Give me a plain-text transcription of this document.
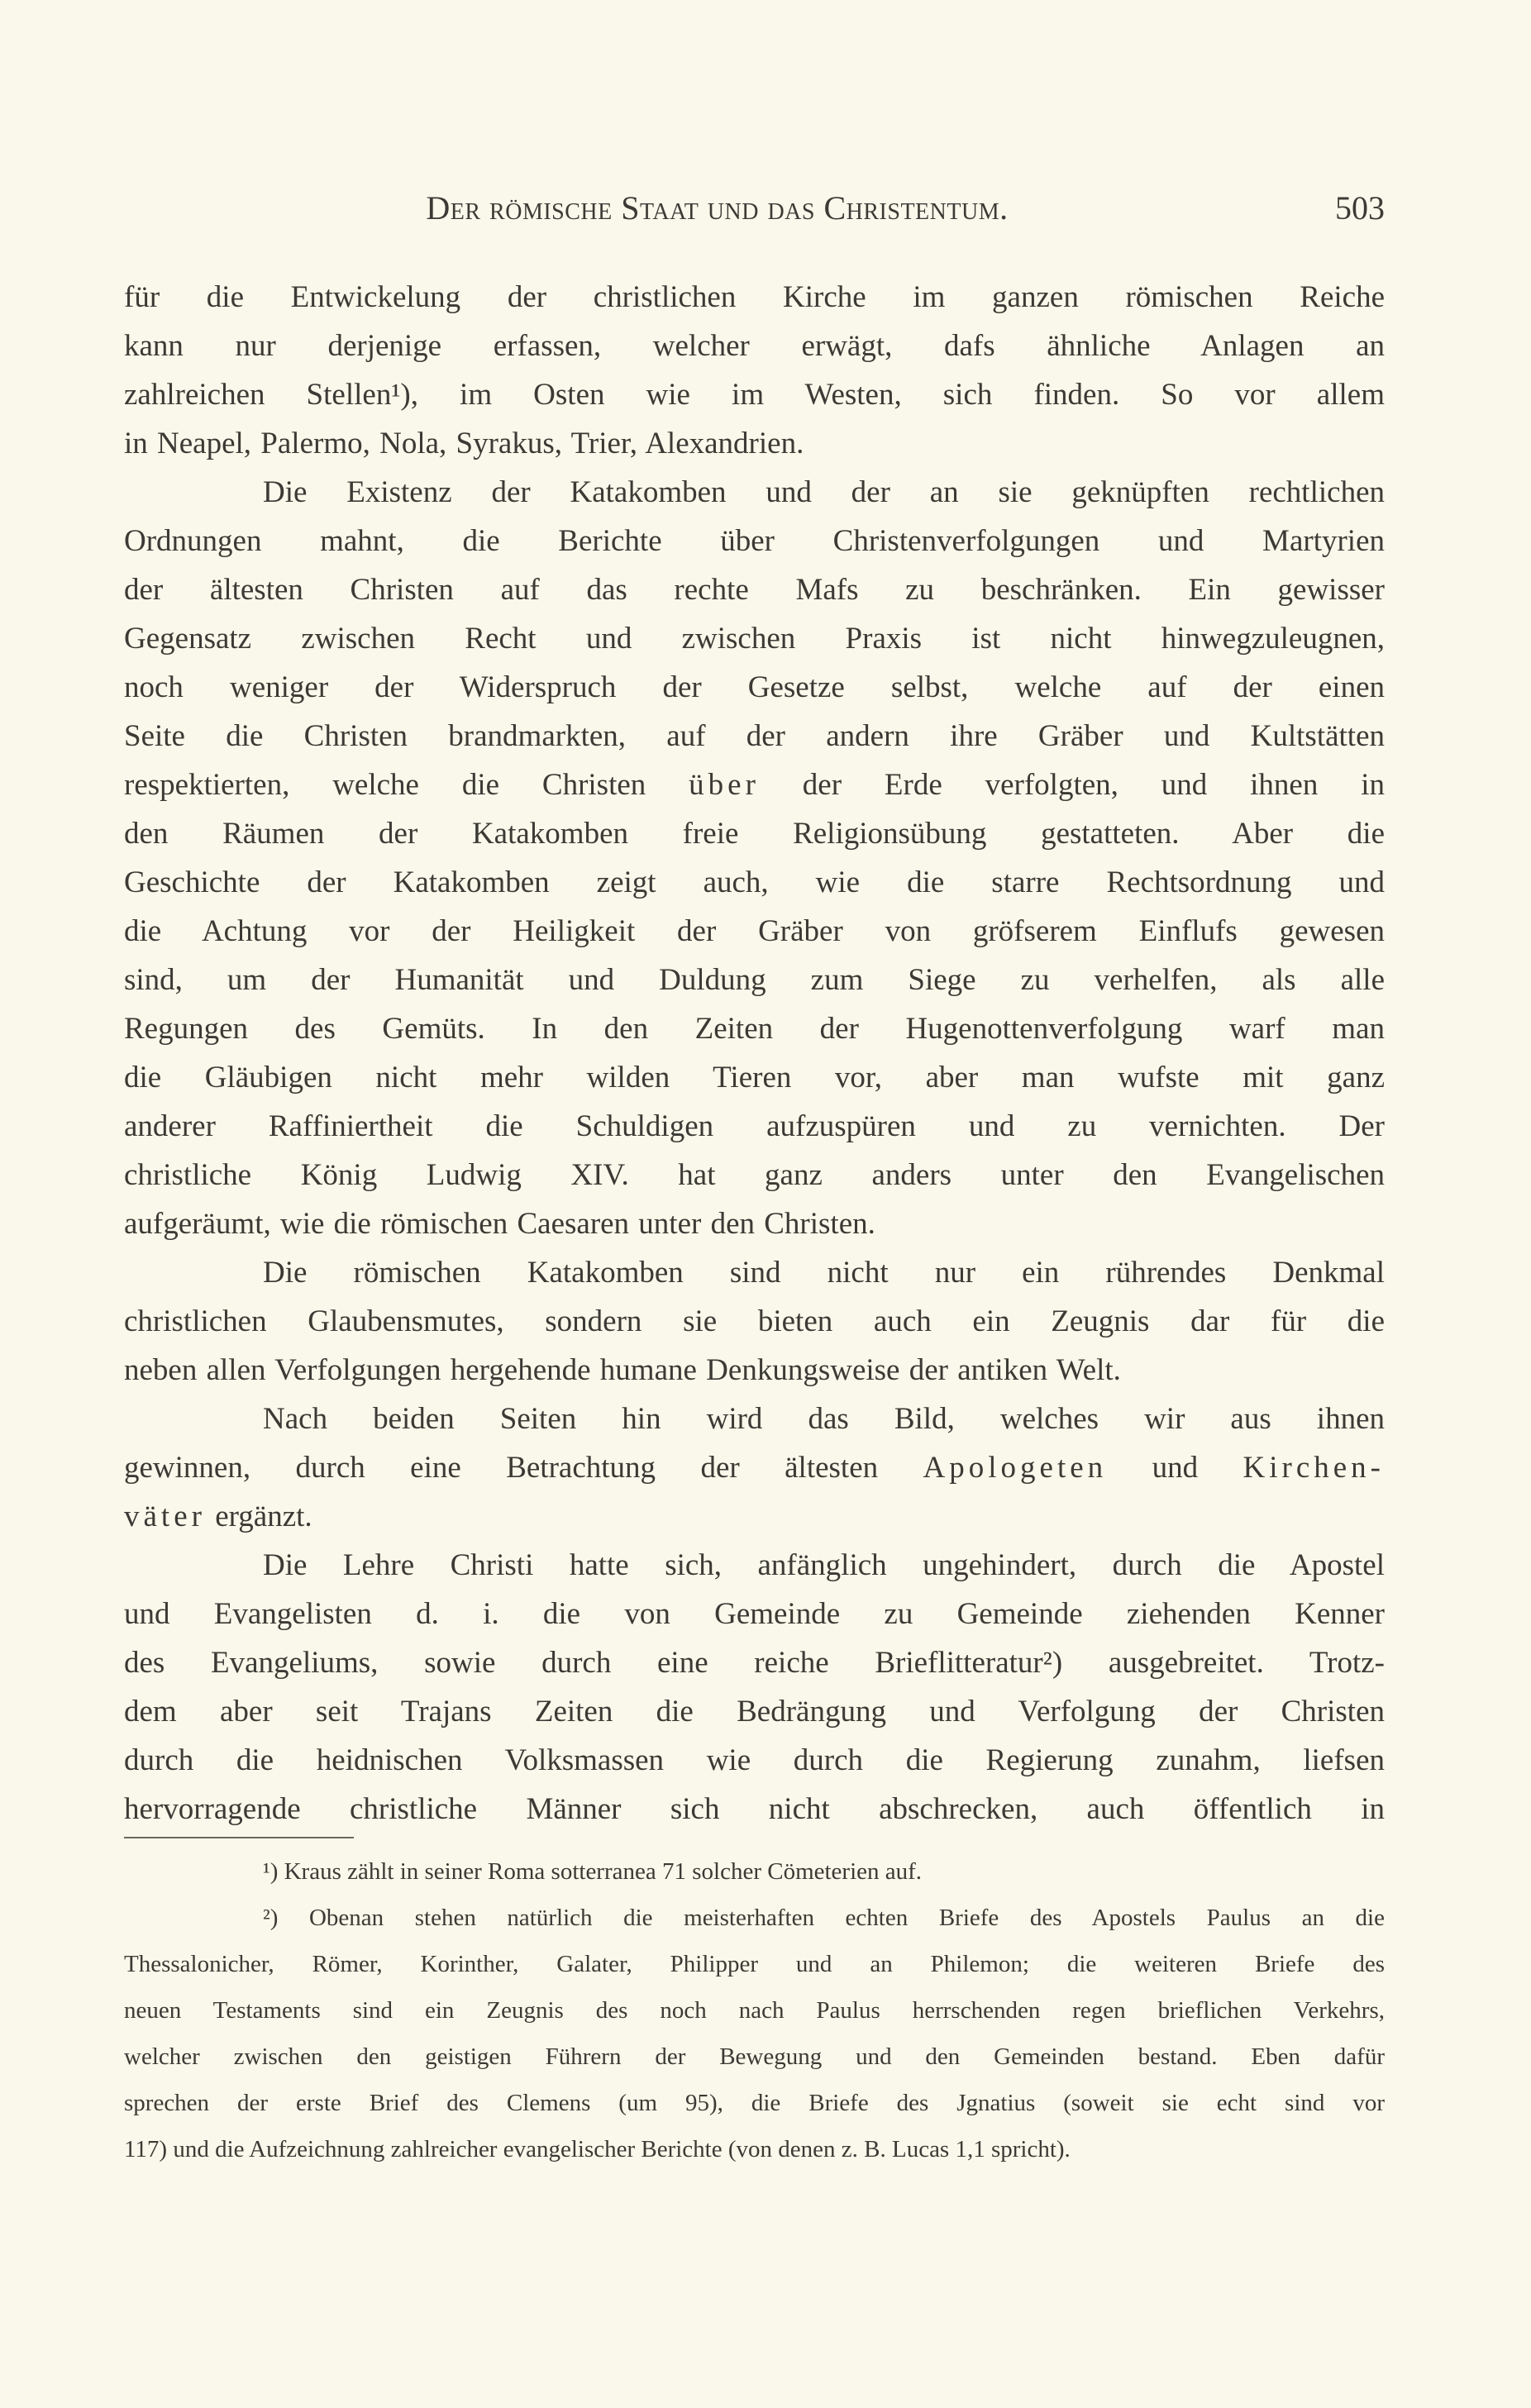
Der römische Staat und das Christentum.	503
für die Entwickelung der christlichen Kirche im ganzen römischen Reiche
kann nur derjenige erfassen, welcher erwägt, dafs ähnliche Anlagen an
zahlreichen Stellen¹), im Osten wie im Westen, sich finden. So vor allem
in Neapel, Palermo, Nola, Syrakus, Trier, Alexandrien.
Die Existenz der Katakomben und der an sie geknüpften rechtlichen
Ordnungen mahnt, die Berichte über Christenverfolgungen und Martyrien
der ältesten Christen auf das rechte Mafs zu beschränken. Ein gewisser
Gegensatz zwischen Recht und zwischen Praxis ist nicht hinwegzuleugnen,
noch weniger der Widerspruch der Gesetze selbst, welche auf der einen
Seite die Christen brandmarkten, auf der andern ihre Gräber und Kultstätten
respektierten, welche die Christen über der Erde verfolgten, und ihnen in
den Räumen der Katakomben freie Religionsübung gestatteten. Aber die
Geschichte der Katakomben zeigt auch, wie die starre Rechtsordnung und
die Achtung vor der Heiligkeit der Gräber von gröfserem Einflufs gewesen
sind, um der Humanität und Duldung zum Siege zu verhelfen, als alle
Regungen des Gemüts. In den Zeiten der Hugenottenverfolgung warf man
die Gläubigen nicht mehr wilden Tieren vor, aber man wufste mit ganz
anderer Raffiniertheit die Schuldigen aufzuspüren und zu vernichten. Der
christliche König Ludwig XIV. hat ganz anders unter den Evangelischen
aufgeräumt, wie die römischen Caesaren unter den Christen.
Die römischen Katakomben sind nicht nur ein rührendes Denkmal
christlichen Glaubensmutes, sondern sie bieten auch ein Zeugnis dar für die
neben allen Verfolgungen hergehende humane Denkungsweise der antiken Welt.
Nach beiden Seiten hin wird das Bild, welches wir aus ihnen
gewinnen, durch eine Betrachtung der ältesten Apologeten und Kirchen-
väter ergänzt.
Die Lehre Christi hatte sich, anfänglich ungehindert, durch die Apostel
und Evangelisten d. i. die von Gemeinde zu Gemeinde ziehenden Kenner
des Evangeliums, sowie durch eine reiche Brieflitteratur²) ausgebreitet. Trotz-
dem aber seit Trajans Zeiten die Bedrängung und Verfolgung der Christen
durch die heidnischen Volksmassen wie durch die Regierung zunahm, liefsen
hervorragende christliche Männer sich nicht abschrecken, auch öffentlich in
¹) Kraus zählt in seiner Roma sotterranea 71 solcher Cömeterien auf.
²) Obenan stehen natürlich die meisterhaften echten Briefe des Apostels Paulus an die
Thessalonicher, Römer, Korinther, Galater, Philipper und an Philemon; die weiteren Briefe des
neuen Testaments sind ein Zeugnis des noch nach Paulus herrschenden regen brieflichen Verkehrs,
welcher zwischen den geistigen Führern der Bewegung und den Gemeinden bestand. Eben dafür
sprechen der erste Brief des Clemens (um 95), die Briefe des Jgnatius (soweit sie echt sind vor
117) und die Aufzeichnung zahlreicher evangelischer Berichte (von denen z. B. Lucas 1,1 spricht).
